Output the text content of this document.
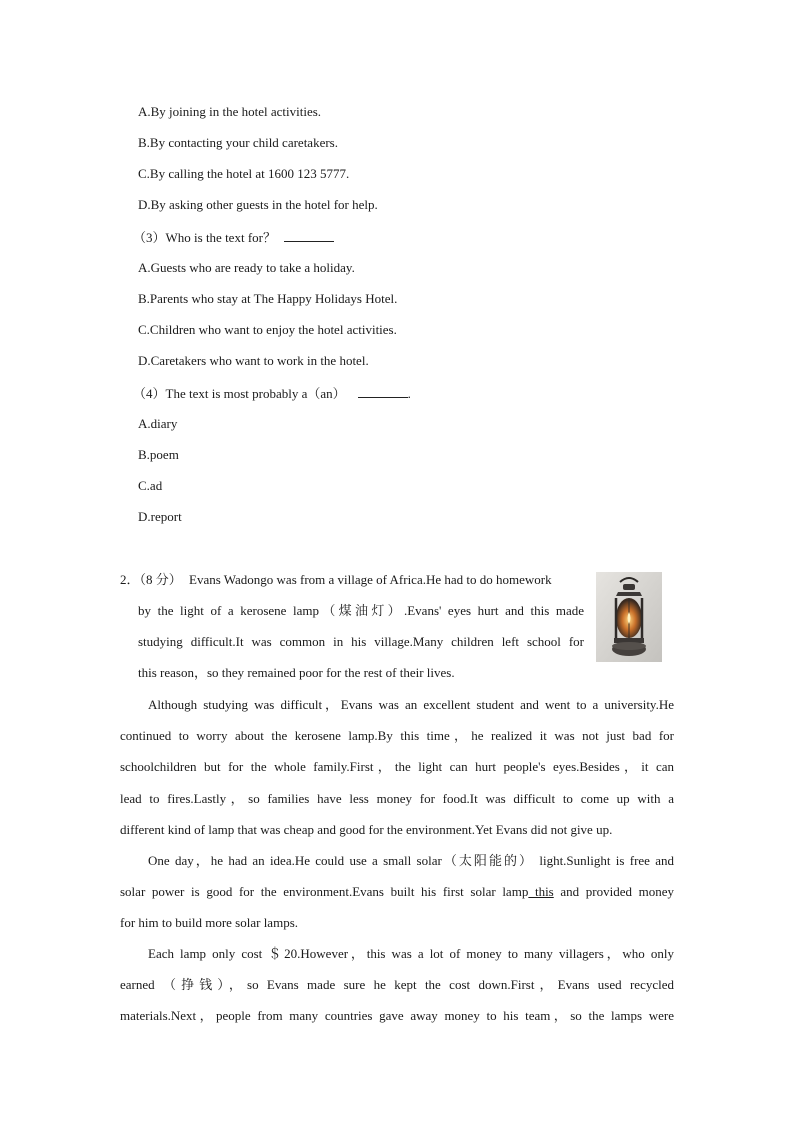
A.By joining in the hotel activities.
B.By contacting your child caretakers.
C.By calling the hotel at 1600 123 5777.
D.By asking other guests in the hotel for help.
（3）Who is the text for？
A.Guests who are ready to take a holiday.
B.Parents who stay at The Happy Holidays Hotel.
C.Children who want to enjoy the hotel activities.
D.Caretakers who want to work in the hotel.
（4）The text is most probably a（an）	.
A.diary
B.poem
C.ad
D.report
2．（8 分） Evans Wadongo was from a village of Africa.He had to do homework
by the light of a kerosene lamp（煤油灯）.Evans' eyes hurt and this made
studying difficult.It was common in his village.Many children left school for
this reason，so they remained poor for the rest of their lives.
Although studying was difficult，Evans was an excellent student and went to a university.He
continued to worry about the kerosene lamp.By this time，he realized it was not just bad for
schoolchildren but for the whole family.First，the light can hurt people's eyes.Besides，it can
lead to fires.Lastly，so families have less money for food.It was difficult to come up with a
different kind of lamp that was cheap and good for the environment.Yet Evans did not give up.
One day，he had an idea.He could use a small solar（太阳能的） light.Sunlight is free and
solar power is good for the environment.Evans built his first solar lamp this and provided money
for him to build more solar lamps.
Each lamp only cost ＄20.However，this was a lot of money to many villagers，who only
earned （挣钱），so Evans made sure he kept the cost down.First，Evans used recycled
materials.Next，people from many countries gave away money to his team，so the lamps were
